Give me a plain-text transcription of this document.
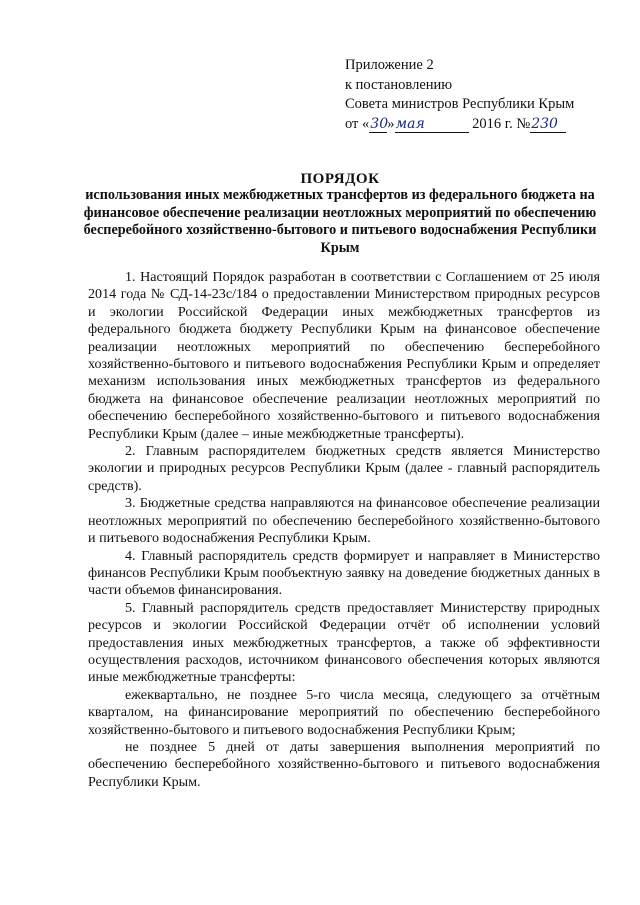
Приложение 2
к постановлению
Совета министров Республики Крым
от «30»мая	2016 г. №230
ПОРЯДОК
использования иных межбюджетных трансфертов из федерального бюджета на финансовое обеспечение реализации неотложных мероприятий по обеспечению бесперебойного хозяйственно-бытового и питьевого водоснабжения Республики Крым

1. Настоящий Порядок разработан в соответствии с Соглашением от 25 июля 2014 года № СД-14-23с/184 о предоставлении Министерством природных ресурсов и экологии Российской Федерации иных межбюджетных трансфертов из федерального бюджета бюджету Республики Крым на финансовое обеспечение реализации неотложных мероприятий по обеспечению бесперебойного хозяйственно-бытового и питьевого водоснабжения Республики Крым и определяет механизм использования иных межбюджетных трансфертов из федерального бюджета на финансовое обеспечение реализации неотложных мероприятий по обеспечению бесперебойного хозяйственно-бытового и питьевого водоснабжения Республики Крым (далее – иные межбюджетные трансферты).

2. Главным распорядителем бюджетных средств является Министерство экологии и природных ресурсов Республики Крым (далее - главный распорядитель средств).

3. Бюджетные средства направляются на финансовое обеспечение реализации неотложных мероприятий по обеспечению бесперебойного хозяйственно-бытового и питьевого водоснабжения Республики Крым.

4. Главный распорядитель средств формирует и направляет в Министерство финансов Республики Крым пообъектную заявку на доведение бюджетных данных в части объемов финансирования.

5. Главный распорядитель средств предоставляет Министерству природных ресурсов и экологии Российской Федерации отчёт об исполнении условий предоставления иных межбюджетных трансфертов, а также об эффективности осуществления расходов, источником финансового обеспечения которых являются иные межбюджетные трансферты:

ежеквартально, не позднее 5-го числа месяца, следующего за отчётным кварталом, на финансирование мероприятий по обеспечению бесперебойного хозяйственно-бытового и питьевого водоснабжения Республики Крым;

не позднее 5 дней от даты завершения выполнения мероприятий по обеспечению бесперебойного хозяйственно-бытового и питьевого водоснабжения Республики Крым.
